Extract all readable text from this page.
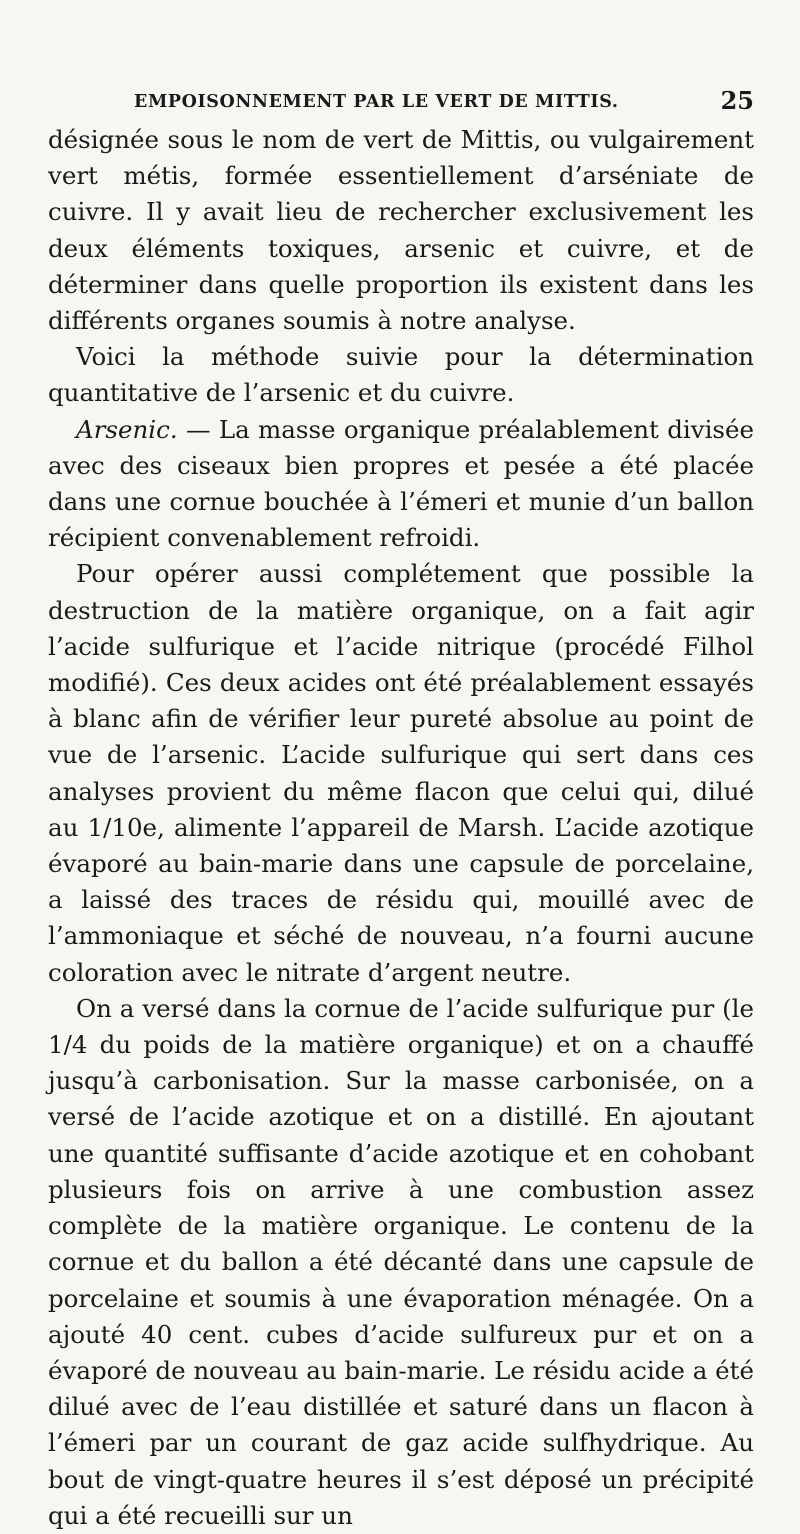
EMPOISONNEMENT PAR LE VERT DE MITTIS.	25

désignée sous le nom de vert de Mittis, ou vulgairement vert métis, formée essentiellement d’arséniate de cuivre. Il y avait lieu de rechercher exclusivement les deux éléments toxiques, arsenic et cuivre, et de déterminer dans quelle proportion ils existent dans les différents organes soumis à notre analyse.

Voici la méthode suivie pour la détermination quantitative de l’arsenic et du cuivre.

Arsenic. — La masse organique préalablement divisée avec des ciseaux bien propres et pesée a été placée dans une cornue bouchée à l’émeri et munie d’un ballon récipient convenablement refroidi.

Pour opérer aussi complétement que possible la destruction de la matière organique, on a fait agir l’acide sulfurique et l’acide nitrique (procédé Filhol modifié). Ces deux acides ont été préalablement essayés à blanc afin de vérifier leur pureté absolue au point de vue de l’arsenic. L’acide sulfurique qui sert dans ces analyses provient du même flacon que celui qui, dilué au 1/10e, alimente l’appareil de Marsh. L’acide azotique évaporé au bain-marie dans une capsule de porcelaine, a laissé des traces de résidu qui, mouillé avec de l’ammoniaque et séché de nouveau, n’a fourni aucune coloration avec le nitrate d’argent neutre.

On a versé dans la cornue de l’acide sulfurique pur (le 1/4 du poids de la matière organique) et on a chauffé jusqu’à carbonisation. Sur la masse carbonisée, on a versé de l’acide azotique et on a distillé. En ajoutant une quantité suffisante d’acide azotique et en cohobant plusieurs fois on arrive à une combustion assez complète de la matière organique. Le contenu de la cornue et du ballon a été décanté dans une capsule de porcelaine et soumis à une évaporation ménagée. On a ajouté 40 cent. cubes d’acide sulfureux pur et on a évaporé de nouveau au bain-marie. Le résidu acide a été dilué avec de l’eau distillée et saturé dans un flacon à l’émeri par un courant de gaz acide sulfhydrique. Au bout de vingt-quatre heures il s’est déposé un précipité qui a été recueilli sur un
